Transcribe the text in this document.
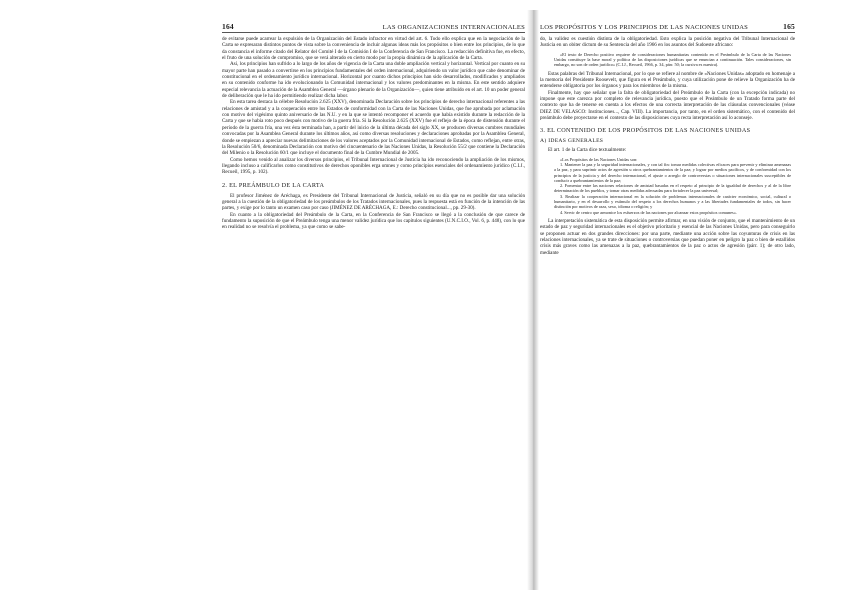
164	LAS ORGANIZACIONES INTERNACIONALES

de evitarse puede acarrear la expulsión de la Organización del Estado infractor en virtud del art. 6. Todo ello explica que en la negociación de la Carta se expresaran distintos puntos de vista sobre la conveniencia de incluir algunas ideas más los propósitos o bien entre los principios, de lo que da constancia el informe citado del Relator del Comité I de la Comisión I de la Conferencia de San Francisco. La redacción definitiva fue, en efecto, el fruto de una solución de compromiso, que se verá alterado en cierto modo por la propia dinámica de la aplicación de la Carta.

Así, los principios han sufrido a lo largo de los años de vigencia de la Carta una doble ampliación vertical y horizontal. Vertical por cuanto en su mayor parte han pasado a convertirse en los principios fundamentales del orden internacional, adquiriendo un valor jurídico que cabe denominar de constitucional en el ordenamiento jurídico internacional. Horizontal por cuanto dichos principios han sido desarrollados, modificados y ampliados en su contenido conforme ha ido evolucionando la Comunidad internacional y los valores predominantes en la misma. En este sentido adquiere especial relevancia la actuación de la Asamblea General —órgano plenario de la Organización—, quien tiene atribuido en el art. 10 un poder general de deliberación que le ha ido permitiendo realizar dicha labor.

En esta tarea destaca la célebre Resolución 2.625 (XXV), denominada Declaración sobre los principios de derecho internacional referentes a las relaciones de amistad y a la cooperación entre los Estados de conformidad con la Carta de las Naciones Unidas, que fue aprobada por aclamación con motivo del vigésimo quinto aniversario de las N.U. y en la que se intentó recomponer el acuerdo que había existido durante la redacción de la Carta y que se había roto poco después con motivo de la guerra fría. Si la Resolución 2.625 (XXV) fue el reflejo de la época de distensión durante el período de la guerra fría, una vez ésta terminada han, a partir del inicio de la última década del siglo XX, se producen diversas cumbres mundiales convocadas por la Asamblea General durante los últimos años, así como diversas resoluciones y declaraciones aprobadas por la Asamblea General, donde se empiezan a apreciar nuevas delimitaciones de los valores aceptados por la Comunidad internacional de Estados, como reflejan, entre otras, la Resolución 50/6, denominada Declaración con motivo del cincuentenario de las Naciones Unidas, la Resolución 55/2 que contiene la Declaración del Milenio o la Resolución 60/1 que incluye el documento final de la Cumbre Mundial de 2005.

Como hemos venido al analizar los diversos principios, el Tribunal Internacional de Justicia ha ido reconociendo la ampliación de los mismos, llegando incluso a calificarlos como constitutivos de derechos oponibles erga omnes y como principios esenciales del ordenamiento jurídico (C.I.J., Recueil, 1995, p. 102).

2. EL PREÁMBULO DE LA CARTA

El profesor Jiménez de Aréchaga, ex Presidente del Tribunal Internacional de Justicia, señaló en su día que no es posible dar una solución general a la cuestión de la obligatoriedad de los preámbulos de los Tratados internacionales, pues la respuesta está en función de la intención de las partes, y exige por lo tanto un examen caso por caso (JIMÉNEZ DE ARÉCHAGA, E.: Derecho constitucional..., pp. 29-30).

En cuanto a la obligatoriedad del Preámbulo de la Carta, en la Conferencia de San Francisco se llegó a la conclusión de que carece de fundamento la suposición de que el Preámbulo tenga una menor validez jurídica que los capítulos siguientes (U.N.C.I.O., Vol. 6, p. 448), con lo que en realidad no se resolvía el problema, ya que como se sabe-

LOS PROPÓSITOS Y LOS PRINCIPIOS DE LAS NACIONES UNIDAS	165

do, la validez es cuestión distinta de la obligatoriedad. Esto explica la posición negativa del Tribunal Internacional de Justicia en un obiter dictum de su Sentencia del año 1966 en los asuntos del Sudoeste africano:

«El texto de Derecho positivo requiere de consideraciones humanitarias contenido en el Preámbulo de la Carta de las Naciones Unidas constituye la base moral y política de las disposiciones jurídicas que se enuncian a continuación. Tales consideraciones, sin embargo, no son de orden jurídico» (C.I.J., Recueil, 1966, p. 34, párr. 50; la cursiva es nuestra).

Estas palabras del Tribunal Internacional, por lo que se refiere al nombre de «Naciones Unidas» adoptado en homenaje a la memoria del Presidente Roosevelt, que figura en el Preámbulo, y cuya utilización pone de relieve la Organización ha de entenderse obligatoria por los órganos y para los miembros de la misma.

Finalmente, hay que señalar que la falta de obligatoriedad del Preámbulo de la Carta (con la excepción indicada) no impone que este carezca por completo de relevancia jurídica, puesto que el Preámbulo de un Tratado forma parte del contexto que ha de tenerse en cuenta a los efectos de una correcta interpretación de las cláusulas convencionales (véase DIEZ DE VELASCO: Instituciones..., Cap. VIII). La importancia, por tanto, en el orden sistemático, con el contenido del preámbulo debe proyectarse en el contexto de las disposiciones cuya recta interpretación así lo aconseje.

3. EL CONTENIDO DE LOS PROPÓSITOS DE LAS NACIONES UNIDAS
A) IDEAS GENERALES

El art. 1 de la Carta dice textualmente:

«Los Propósitos de las Naciones Unidas son:

1. Mantener la paz y la seguridad internacionales, y con tal fin: tomar medidas colectivas eficaces para prevenir y eliminar amenazas a la paz, y para suprimir actos de agresión u otros quebrantamientos de la paz; y lograr por medios pacíficos, y de conformidad con los principios de la justicia y del derecho internacional, el ajuste o arreglo de controversias o situaciones internacionales susceptibles de conducir a quebrantamientos de la paz;

2. Fomentar entre las naciones relaciones de amistad basadas en el respeto al principio de la igualdad de derechos y al de la libre determinación de los pueblos, y tomar otras medidas adecuadas para fortalecer la paz universal;

3. Realizar la cooperación internacional en la solución de problemas internacionales de carácter económico, social, cultural o humanitario, y en el desarrollo y estímulo del respeto a los derechos humanos y a las libertades fundamentales de todos, sin hacer distinción por motivos de raza, sexo, idioma o religión; y

4. Servir de centro que armonice los esfuerzos de las naciones por alcanzar estos propósitos comunes».

La interpretación sistemática de esta disposición permite afirmar, en una visión de conjunto, que el mantenimiento de un estado de paz y seguridad internacionales es el objetivo prioritario y esencial de las Naciones Unidas, pero para conseguirlo se proponen actuar en dos grandes direcciones: por una parte, mediante una acción sobre las coyunturas de crisis en las relaciones internacionales, ya se trate de situaciones o controversias que puedan poner en peligro la paz o bien de estallidos crisis más graves como las amenazas a la paz, quebrantamientos de la paz o actos de agresión (párr. 1); de otro lado, mediante
